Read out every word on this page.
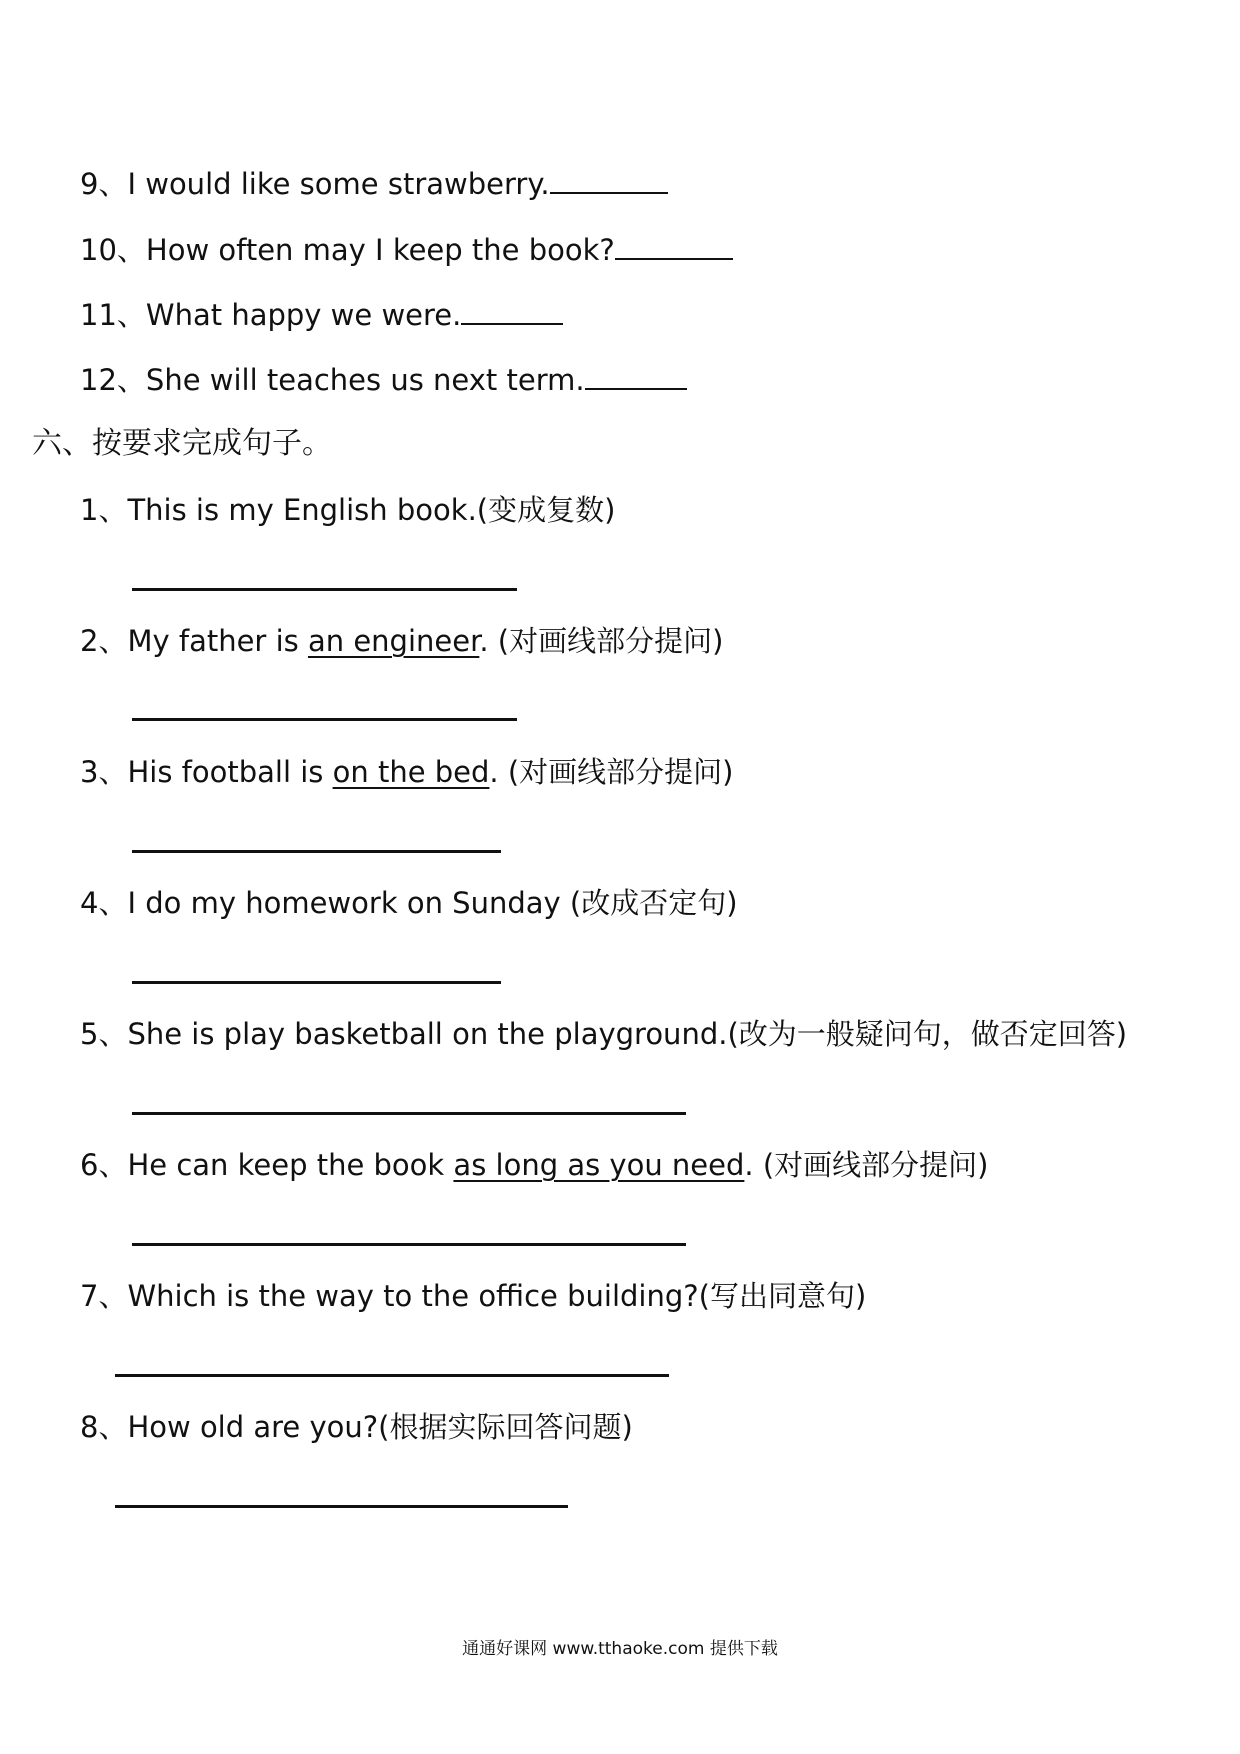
9、I would like some strawberry.
10、How often may I keep the book?
11、What happy we were.
12、She will teaches us next term.
六、按要求完成句子。
1、This is my English book.(变成复数)
2、My father is an engineer. (对画线部分提问)
3、His football is on the bed. (对画线部分提问)
4、I do my homework on Sunday (改成否定句)
5、She is play basketball on the playground.(改为一般疑问句，做否定回答)
6、He can keep the book as long as you need. (对画线部分提问)
7、Which is the way to the office building?(写出同意句)
8、How old are you?(根据实际回答问题)
通通好课网 www.tthaoke.com 提供下载
